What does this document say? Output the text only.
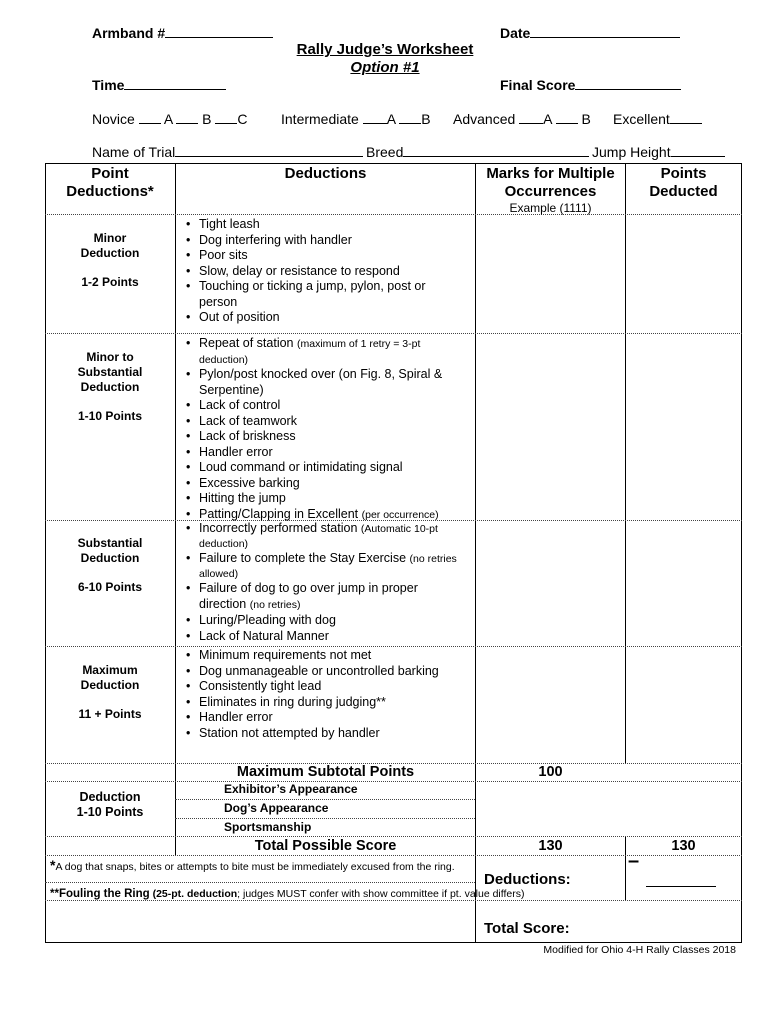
Armband #	Date
Rally Judge’s Worksheet
Option #1
Time	Final Score
Novice A B C Intermediate A B Advanced A B Excellent
Name of Trial	Breed	Jump Height
Point
Deductions*
Deductions	Marks for Multiple
Occurrences
Example (1111)
Points
Deducted
Minor
Deduction
1-2 Points
• Tight leash
• Dog interfering with handler
• Poor sits
• Slow, delay or resistance to respond
• Touching or ticking a jump, pylon, post or person
• Out of position
Minor to
Substantial
Deduction
1-10 Points
• Repeat of station (maximum of 1 retry = 3-pt deduction)
• Pylon/post knocked over (on Fig. 8, Spiral & Serpentine)
• Lack of control
• Lack of teamwork
• Lack of briskness
• Handler error
• Loud command or intimidating signal
• Excessive barking
• Hitting the jump
• Patting/Clapping in Excellent (per occurrence)
Substantial
Deduction
6-10 Points
• Incorrectly performed station (Automatic 10-pt deduction)
• Failure to complete the Stay Exercise (no retries allowed)
• Failure of dog to go over jump in proper direction (no retries)
• Luring/Pleading with dog
• Lack of Natural Manner
Maximum
Deduction
11 + Points
• Minimum requirements not met
• Dog unmanageable or uncontrolled barking
• Consistently tight lead
• Eliminates in ring during judging**
• Handler error
• Station not attempted by handler
Maximum Subtotal Points	100
Deduction
1-10 Points
Exhibitor’s Appearance
Dog’s Appearance
Sportsmanship
Total Possible Score	130	130
*A dog that snaps, bites or attempts to bite must be immediately excused from the ring.
**Fouling the Ring (25-pt. deduction; judges MUST confer with show committee if pt. value differs)
Deductions:
–
Total Score:
Modified for Ohio 4-H Rally Classes 2018
